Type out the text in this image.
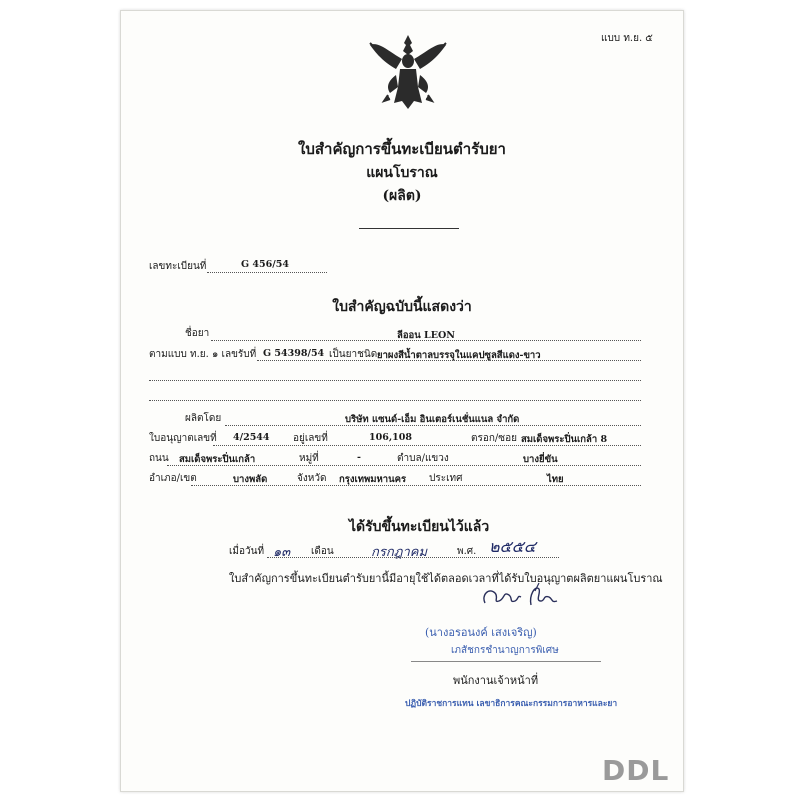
แบบ ท.ย. ๕
ใบสำคัญการขึ้นทะเบียนตำรับยา
แผนโบราณ
(ผลิต)
เลขทะเบียนที่	G 456/54
ใบสำคัญฉบับนี้แสดงว่า
ชื่อยา	ลีออน LEON
ตามแบบ ท.ย. ๑ เลขรับที่ G 54398/54 เป็นยาชนิด ยาผงสีน้ำตาลบรรจุในแคปซูลสีแดง-ขาว
ผลิตโดย	บริษัท แซนด์-เอ็ม อินเตอร์เนชั่นแนล จำกัด
ใบอนุญาตเลขที่ 4/2544 อยู่เลขที่	106,108	ตรอก/ซอย สมเด็จพระปิ่นเกล้า 8
ถนน สมเด็จพระปิ่นเกล้า	หมู่ที่	-	ตำบล/แขวง	บางยี่ขัน
อำเภอ/เขต	บางพลัด	จังหวัด กรุงเทพมหานคร ประเทศ	ไทย
ได้รับขึ้นทะเบียนไว้แล้ว
เมื่อวันที่ ๑๓ เดือน	กรกฎาคม	พ.ศ. ๒๕๕๔
ใบสำคัญการขึ้นทะเบียนตำรับยานี้มีอายุใช้ได้ตลอดเวลาที่ได้รับใบอนุญาตผลิตยาแผนโบราณ
(นางอรอนงค์ เสงเจริญ)
เภสัชกรชำนาญการพิเศษ
พนักงานเจ้าหน้าที่
ปฏิบัติราชการแทน เลขาธิการคณะกรรมการอาหารและยา
DDL
